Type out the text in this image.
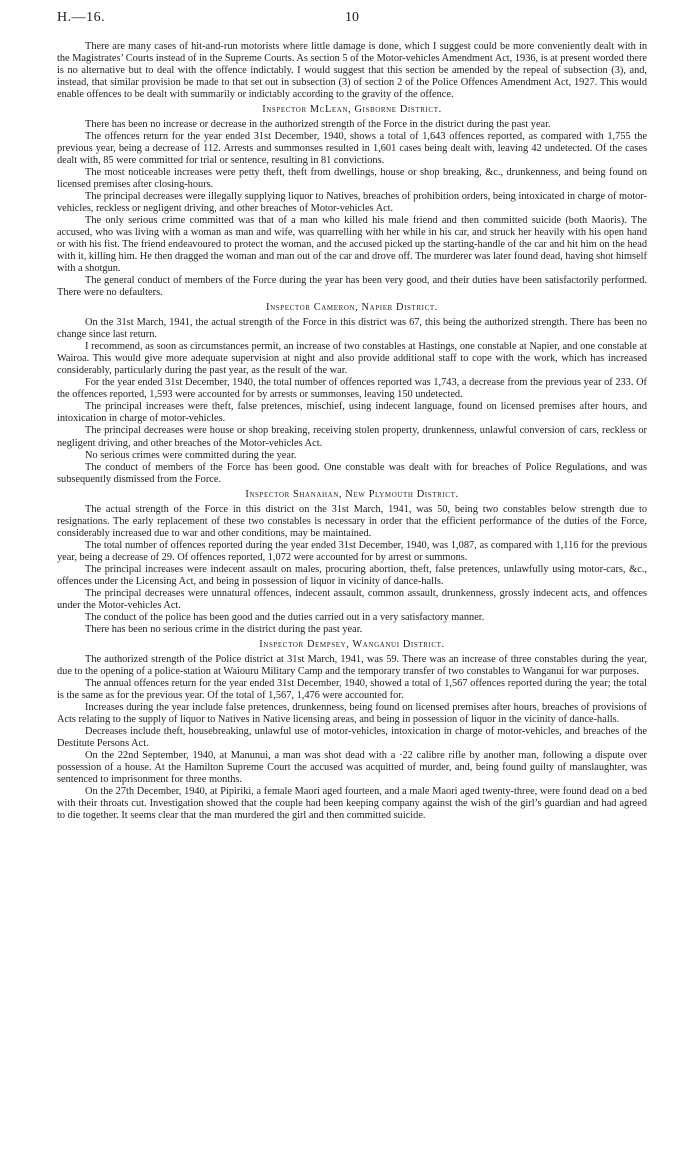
H.—16.	10

There are many cases of hit-and-run motorists where little damage is done, which I suggest could be more conveniently dealt with in the Magistrates’ Courts instead of in the Supreme Courts. As section 5 of the Motor-vehicles Amendment Act, 1936, is at present worded there is no alternative but to deal with the offence indictably. I would suggest that this section be amended by the repeal of subsection (3), and, instead, that similar provision be made to that set out in subsection (3) of section 2 of the Police Offences Amendment Act, 1927. This would enable offences to be dealt with summarily or indictably according to the gravity of the offence.

Inspector McLean, Gisborne District.

There has been no increase or decrease in the authorized strength of the Force in the district during the past year.

The offences return for the year ended 31st December, 1940, shows a total of 1,643 offences reported, as compared with 1,755 the previous year, being a decrease of 112. Arrests and summonses resulted in 1,601 cases being dealt with, leaving 42 undetected. Of the cases dealt with, 85 were committed for trial or sentence, resulting in 81 convictions.

The most noticeable increases were petty theft, theft from dwellings, house or shop breaking, &c., drunkenness, and being found on licensed premises after closing-hours.

The principal decreases were illegally supplying liquor to Natives, breaches of prohibition orders, being intoxicated in charge of motor-vehicles, reckless or negligent driving, and other breaches of Motor-vehicles Act.

The only serious crime committed was that of a man who killed his male friend and then committed suicide (both Maoris). The accused, who was living with a woman as man and wife, was quarrelling with her while in his car, and struck her heavily with his open hand or with his fist. The friend endeavoured to protect the woman, and the accused picked up the starting-handle of the car and hit him on the head with it, killing him. He then dragged the woman and man out of the car and drove off. The murderer was later found dead, having shot himself with a shotgun.

The general conduct of members of the Force during the year has been very good, and their duties have been satisfactorily performed. There were no defaulters.

Inspector Cameron, Napier District.

On the 31st March, 1941, the actual strength of the Force in this district was 67, this being the authorized strength. There has been no change since last return.

I recommend, as soon as circumstances permit, an increase of two constables at Hastings, one constable at Napier, and one constable at Wairoa. This would give more adequate supervision at night and also provide additional staff to cope with the work, which has increased considerably, particularly during the past year, as the result of the war.

For the year ended 31st December, 1940, the total number of offences reported was 1,743, a decrease from the previous year of 233. Of the offences reported, 1,593 were accounted for by arrests or summonses, leaving 150 undetected.

The principal increases were theft, false pretences, mischief, using indecent language, found on licensed premises after hours, and intoxication in charge of motor-vehicles.

The principal decreases were house or shop breaking, receiving stolen property, drunkenness, unlawful conversion of cars, reckless or negligent driving, and other breaches of the Motor-vehicles Act.

No serious crimes were committed during the year.

The conduct of members of the Force has been good. One constable was dealt with for breaches of Police Regulations, and was subsequently dismissed from the Force.

Inspector Shanahan, New Plymouth District.

The actual strength of the Force in this district on the 31st March, 1941, was 50, being two constables below strength due to resignations. The early replacement of these two constables is necessary in order that the efficient performance of the duties of the Force, considerably increased due to war and other conditions, may be maintained.

The total number of offences reported during the year ended 31st December, 1940, was 1,087, as compared with 1,116 for the previous year, being a decrease of 29. Of offences reported, 1,072 were accounted for by arrest or summons.

The principal increases were indecent assault on males, procuring abortion, theft, false pretences, unlawfully using motor-cars, &c., offences under the Licensing Act, and being in possession of liquor in vicinity of dance-halls.

The principal decreases were unnatural offences, indecent assault, common assault, drunkenness, grossly indecent acts, and offences under the Motor-vehicles Act.

The conduct of the police has been good and the duties carried out in a very satisfactory manner.

There has been no serious crime in the district during the past year.

Inspector Dempsey, Wanganui District.

The authorized strength of the Police district at 31st March, 1941, was 59. There was an increase of three constables during the year, due to the opening of a police-station at Waiouru Military Camp and the temporary transfer of two constables to Wanganui for war purposes.

The annual offences return for the year ended 31st December, 1940, showed a total of 1,567 offences reported during the year; the total is the same as for the previous year. Of the total of 1,567, 1,476 were accounted for.

Increases during the year include false pretences, drunkenness, being found on licensed premises after hours, breaches of provisions of Acts relating to the supply of liquor to Natives in Native licensing areas, and being in possession of liquor in the vicinity of dance-halls.

Decreases include theft, housebreaking, unlawful use of motor-vehicles, intoxication in charge of motor-vehicles, and breaches of the Destitute Persons Act.

On the 22nd September, 1940, at Manunui, a man was shot dead with a ·22 calibre rifle by another man, following a dispute over possession of a house. At the Hamilton Supreme Court the accused was acquitted of murder, and, being found guilty of manslaughter, was sentenced to imprisonment for three months.

On the 27th December, 1940, at Pipiriki, a female Maori aged fourteen, and a male Maori aged twenty-three, were found dead on a bed with their throats cut. Investigation showed that the couple had been keeping company against the wish of the girl’s guardian and had agreed to die together. It seems clear that the man murdered the girl and then committed suicide.
